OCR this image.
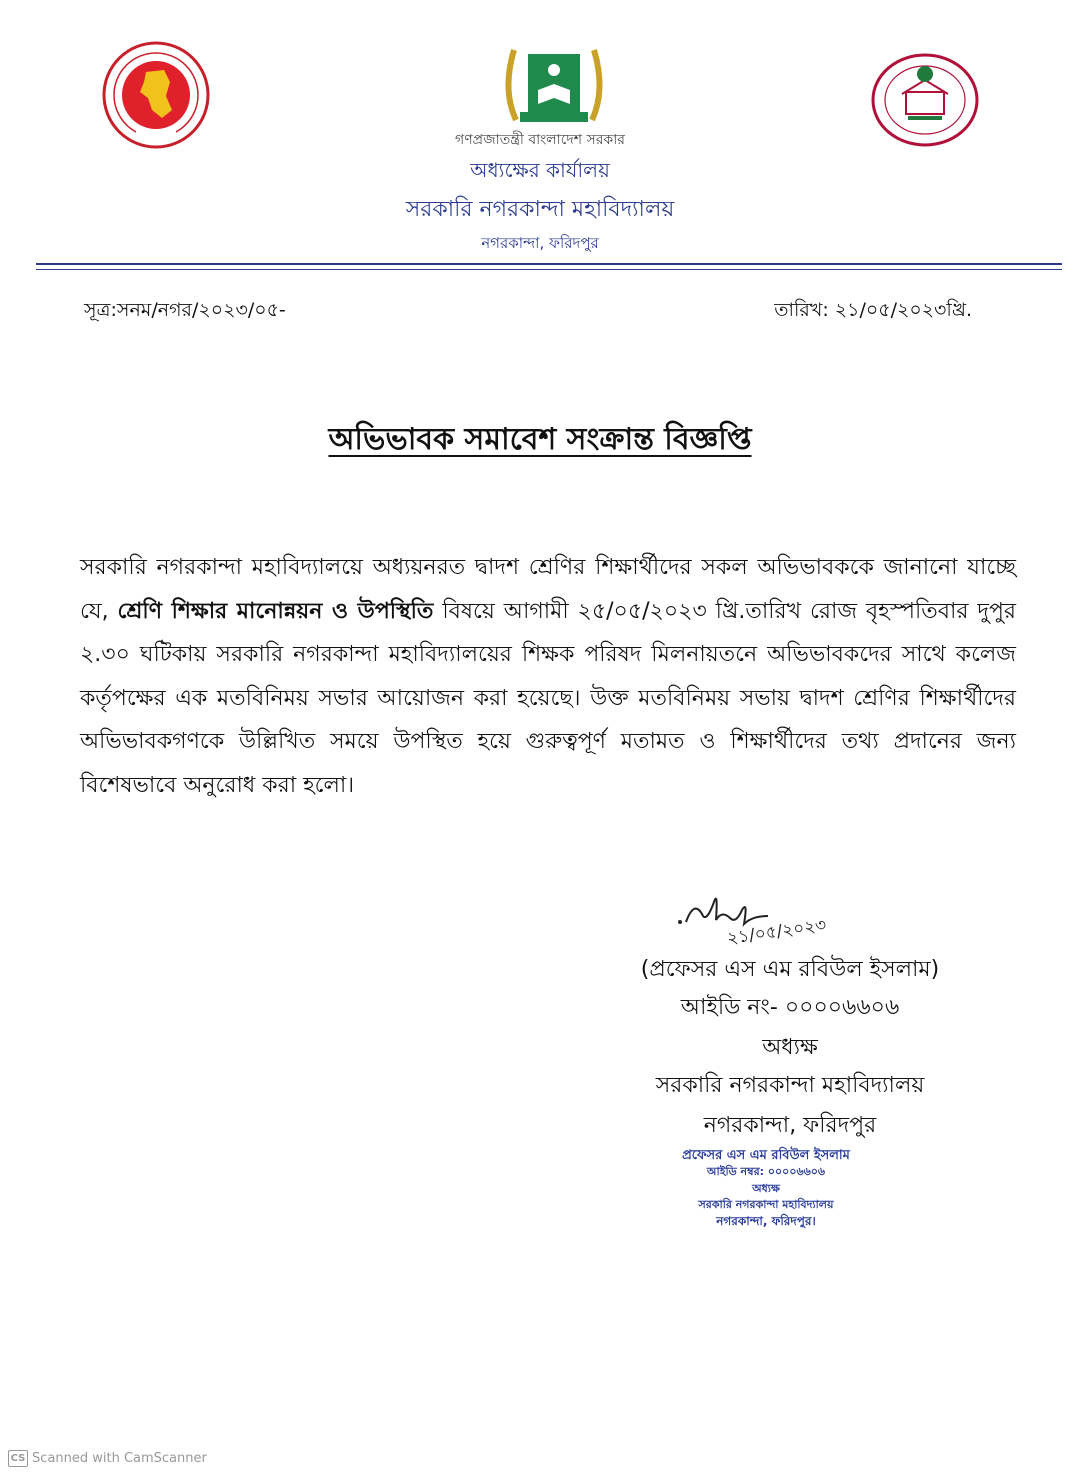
গণপ্রজাতন্ত্রী বাংলাদেশ সরকার
অধ্যক্ষের কার্যালয়
সরকারি নগরকান্দা মহাবিদ্যালয়
নগরকান্দা, ফরিদপুর
সূত্র:সনম/নগর/২০২৩/০৫-	তারিখ: ২১/০৫/২০২৩খ্রি.
অভিভাবক সমাবেশ সংক্রান্ত বিজ্ঞপ্তি
সরকারি নগরকান্দা মহাবিদ্যালয়ে অধ্যয়নরত দ্বাদশ শ্রেণির শিক্ষার্থীদের সকল অভিভাবককে জানানো যাচ্ছে যে, শ্রেণি শিক্ষার মানোন্নয়ন ও উপস্থিতি বিষয়ে আগামী ২৫/০৫/২০২৩ খ্রি.তারিখ রোজ বৃহস্পতিবার দুপুর ২.৩০ ঘটিকায় সরকারি নগরকান্দা মহাবিদ্যালয়ের শিক্ষক পরিষদ মিলনায়তনে অভিভাবকদের সাথে কলেজ কর্তৃপক্ষের এক মতবিনিময় সভার আয়োজন করা হয়েছে। উক্ত মতবিনিময় সভায় দ্বাদশ শ্রেণির শিক্ষার্থীদের অভিভাবকগণকে উল্লিখিত সময়ে উপস্থিত হয়ে গুরুত্বপূর্ণ মতামত ও শিক্ষার্থীদের তথ্য প্রদানের জন্য বিশেষভাবে অনুরোধ করা হলো।
২১/০৫/২০২৩
(প্রফেসর এস এম রবিউল ইসলাম)
আইডি নং- ০০০০৬৬০৬
অধ্যক্ষ
সরকারি নগরকান্দা মহাবিদ্যালয়
নগরকান্দা, ফরিদপুর
প্রফেসর এস এম রবিউল ইসলাম
আইডি নম্বর: ০০০০৬৬০৬
অধ্যক্ষ
সরকারি নগরকান্দা মহাবিদ্যালয়
নগরকান্দা, ফরিদপুর।
CS Scanned with CamScanner
